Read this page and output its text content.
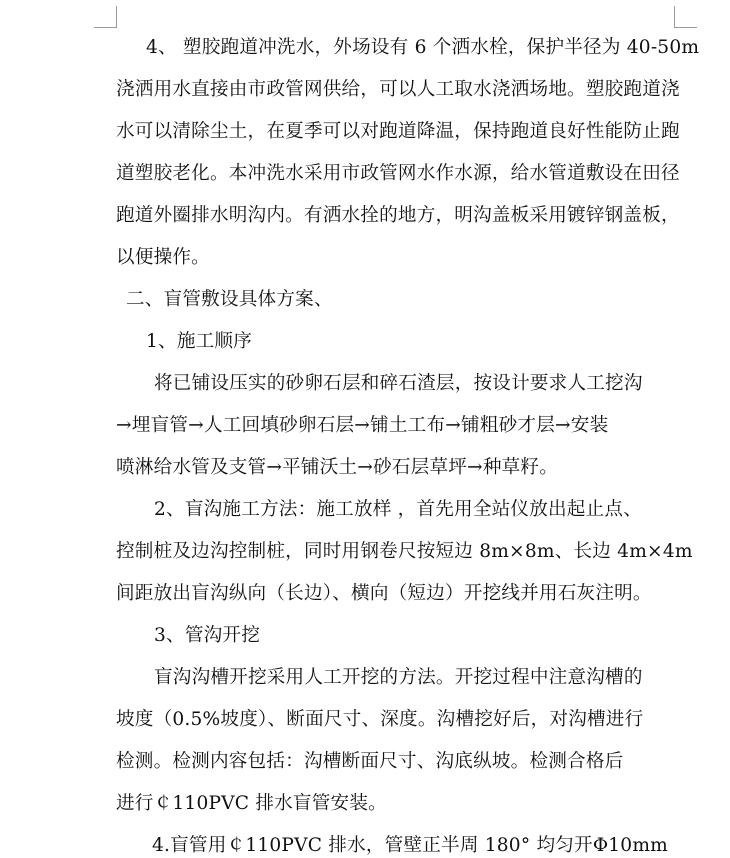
4、 塑胶跑道冲洗水，外场设有 6 个洒水栓，保护半径为 40-50m
浇洒用水直接由市政管网供给，可以人工取水浇洒场地。塑胶跑道浇
水可以清除尘土，在夏季可以对跑道降温，保持跑道良好性能防止跑
道塑胶老化。本冲洗水采用市政管网水作水源，给水管道敷设在田径
跑道外圈排水明沟内。有洒水拴的地方，明沟盖板采用镀锌钢盖板，
以便操作。
二、盲管敷设具体方案、
1、施工顺序
将已铺设压实的砂卵石层和碎石渣层，按设计要求人工挖沟
→埋盲管→人工回填砂卵石层→铺土工布→铺粗砂才层→安装
喷淋给水管及支管→平铺沃土→砂石层草坪→种草籽。
2、盲沟施工方法：施工放样 ，首先用全站仪放出起止点、
控制桩及边沟控制桩，同时用钢卷尺按短边 8m×8m、长边 4m×4m
间距放出盲沟纵向（长边）、横向（短边）开挖线并用石灰注明。
3、管沟开挖
盲沟沟槽开挖采用人工开挖的方法。开挖过程中注意沟槽的
坡度（0.5%坡度）、断面尺寸、深度。沟槽挖好后，对沟槽进行
检测。检测内容包括：沟槽断面尺寸、沟底纵坡。检测合格后
进行￠110PVC 排水盲管安装。
4.盲管用￠110PVC 排水，管壁正半周 180° 均匀开Φ10mm
